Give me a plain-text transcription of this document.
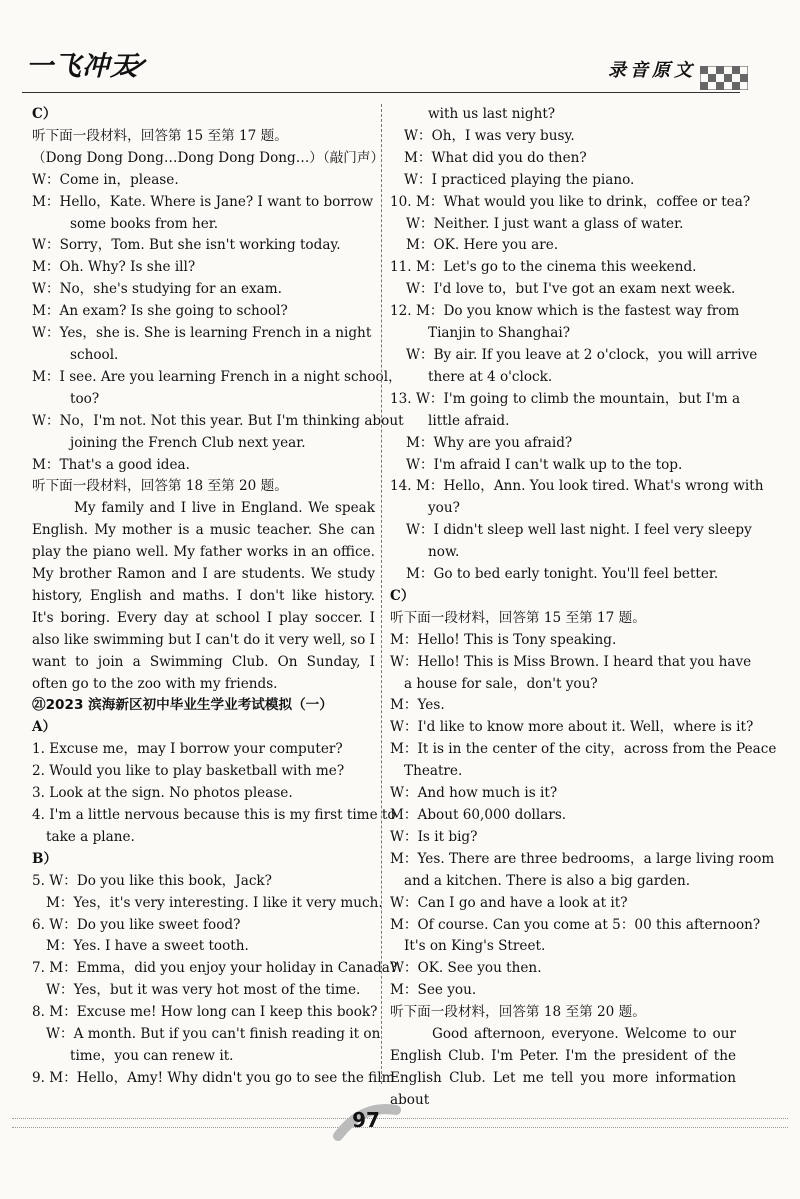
一飞冲天	录音原文
C）
听下面一段材料，回答第 15 至第 17 题。
（Dong Dong Dong…Dong Dong Dong…）（敲门声）
W：Come in，please.
M：Hello，Kate. Where is Jane? I want to borrow
some books from her.
W：Sorry，Tom. But she isn't working today.
M：Oh. Why? Is she ill?
W：No，she's studying for an exam.
M：An exam? Is she going to school?
W：Yes，she is. She is learning French in a night
school.
M：I see. Are you learning French in a night school，
too?
W：No，I'm not. Not this year. But I'm thinking about
joining the French Club next year.
M：That's a good idea.
听下面一段材料，回答第 18 至第 20 题。
My family and I live in England. We speak English. My mother is a music teacher. She can play the piano well. My father works in an office. My brother Ramon and I are students. We study history, English and maths. I don't like history. It's boring. Every day at school I play soccer. I also like swimming but I can't do it very well, so I want to join a Swimming Club. On Sunday, I often go to the zoo with my friends.
㉑2023 滨海新区初中毕业生学业考试模拟（一）
A）
1. Excuse me，may I borrow your computer?
2. Would you like to play basketball with me?
3. Look at the sign. No photos please.
4. I'm a little nervous because this is my first time to
take a plane.
B）
5. W：Do you like this book，Jack?
M：Yes，it's very interesting. I like it very much.
6. W：Do you like sweet food?
M：Yes. I have a sweet tooth.
7. M：Emma，did you enjoy your holiday in Canada?
W：Yes，but it was very hot most of the time.
8. M：Excuse me! How long can I keep this book?
W：A month. But if you can't finish reading it on
time，you can renew it.
9. M：Hello，Amy! Why didn't you go to see the film
with us last night?
W：Oh，I was very busy.
M：What did you do then?
W：I practiced playing the piano.
10. M：What would you like to drink，coffee or tea?
W：Neither. I just want a glass of water.
M：OK. Here you are.
11. M：Let's go to the cinema this weekend.
W：I'd love to，but I've got an exam next week.
12. M：Do you know which is the fastest way from
Tianjin to Shanghai?
W：By air. If you leave at 2 o'clock，you will arrive
there at 4 o'clock.
13. W：I'm going to climb the mountain，but I'm a
little afraid.
M：Why are you afraid?
W：I'm afraid I can't walk up to the top.
14. M：Hello，Ann. You look tired. What's wrong with
you?
W：I didn't sleep well last night. I feel very sleepy
now.
M：Go to bed early tonight. You'll feel better.
C）
听下面一段材料，回答第 15 至第 17 题。
M：Hello! This is Tony speaking.
W：Hello! This is Miss Brown. I heard that you have
a house for sale，don't you?
M：Yes.
W：I'd like to know more about it. Well，where is it?
M：It is in the center of the city，across from the Peace
Theatre.
W：And how much is it?
M：About 60,000 dollars.
W：Is it big?
M：Yes. There are three bedrooms，a large living room
and a kitchen. There is also a big garden.
W：Can I go and have a look at it?
M：Of course. Can you come at 5：00 this afternoon?
It's on King's Street.
W：OK. See you then.
M：See you.
听下面一段材料，回答第 18 至第 20 题。
Good afternoon, everyone. Welcome to our English Club. I'm Peter. I'm the president of the English Club. Let me tell you more information about
97
